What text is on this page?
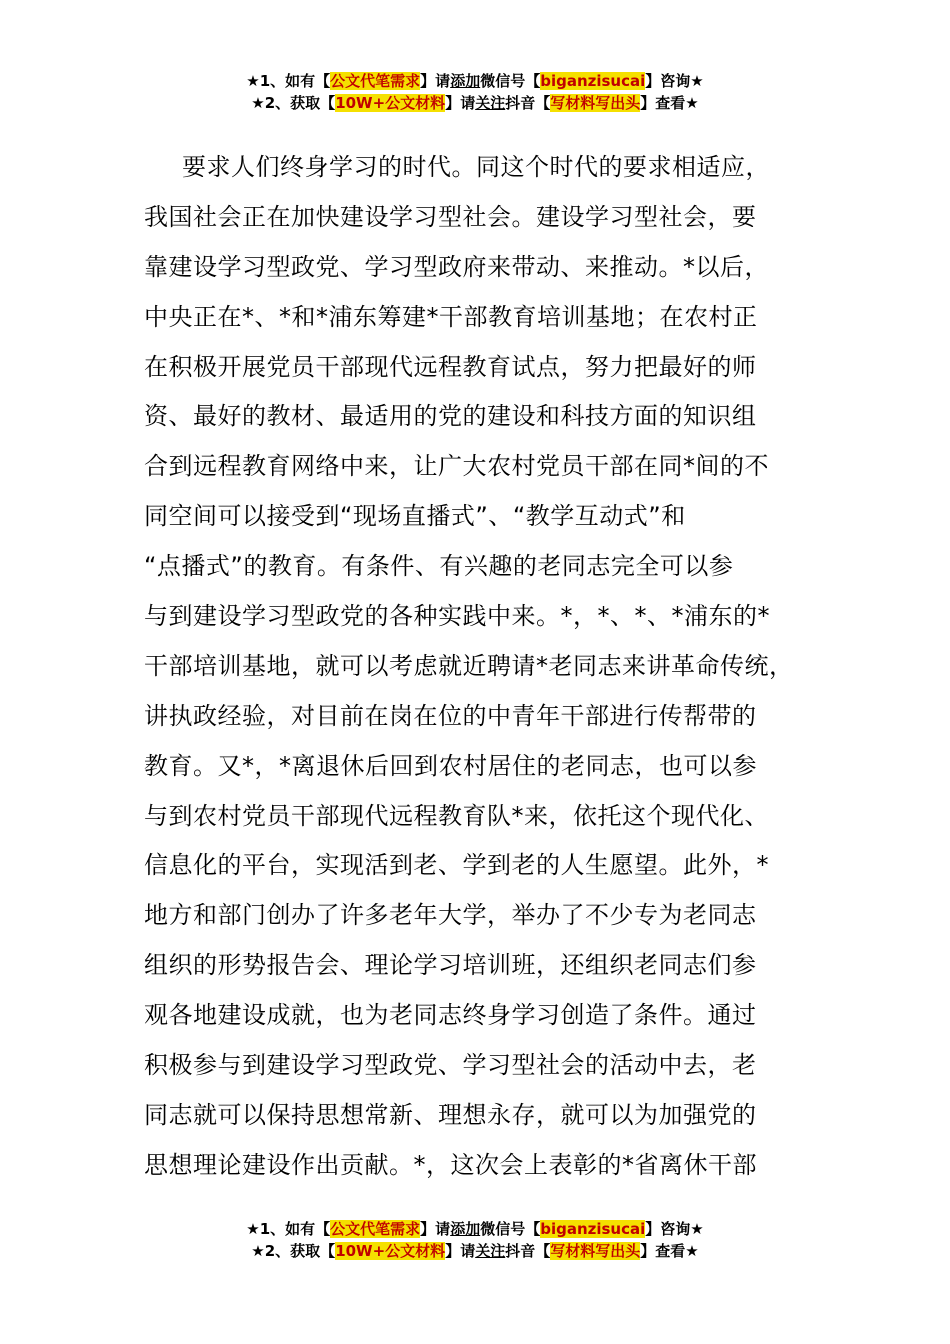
★1、如有【公文代笔需求】请添加微信号【biganzisucai】咨询★
★2、获取【10W+公文材料】请关注抖音【写材料写出头】查看★
要求人们终身学习的时代。同这个时代的要求相适应，
我国社会正在加快建设学习型社会。建设学习型社会，要
靠建设学习型政党、学习型政府来带动、来推动。*以后，
中央正在*、*和*浦东筹建*干部教育培训基地；在农村正
在积极开展党员干部现代远程教育试点，努力把最好的师
资、最好的教材、最适用的党的建设和科技方面的知识组
合到远程教育网络中来，让广大农村党员干部在同*间的不
同空间可以接受到“现场直播式”、“教学互动式”和
“点播式”的教育。有条件、有兴趣的老同志完全可以参
与到建设学习型政党的各种实践中来。*，*、*、*浦东的*
干部培训基地，就可以考虑就近聘请*老同志来讲革命传统，
讲执政经验，对目前在岗在位的中青年干部进行传帮带的
教育。又*，*离退休后回到农村居住的老同志，也可以参
与到农村党员干部现代远程教育队*来，依托这个现代化、
信息化的平台，实现活到老、学到老的人生愿望。此外，*
地方和部门创办了许多老年大学，举办了不少专为老同志
组织的形势报告会、理论学习培训班，还组织老同志们参
观各地建设成就，也为老同志终身学习创造了条件。通过
积极参与到建设学习型政党、学习型社会的活动中去，老
同志就可以保持思想常新、理想永存，就可以为加强党的
思想理论建设作出贡献。*，这次会上表彰的*省离休干部
★1、如有【公文代笔需求】请添加微信号【biganzisucai】咨询★
★2、获取【10W+公文材料】请关注抖音【写材料写出头】查看★
